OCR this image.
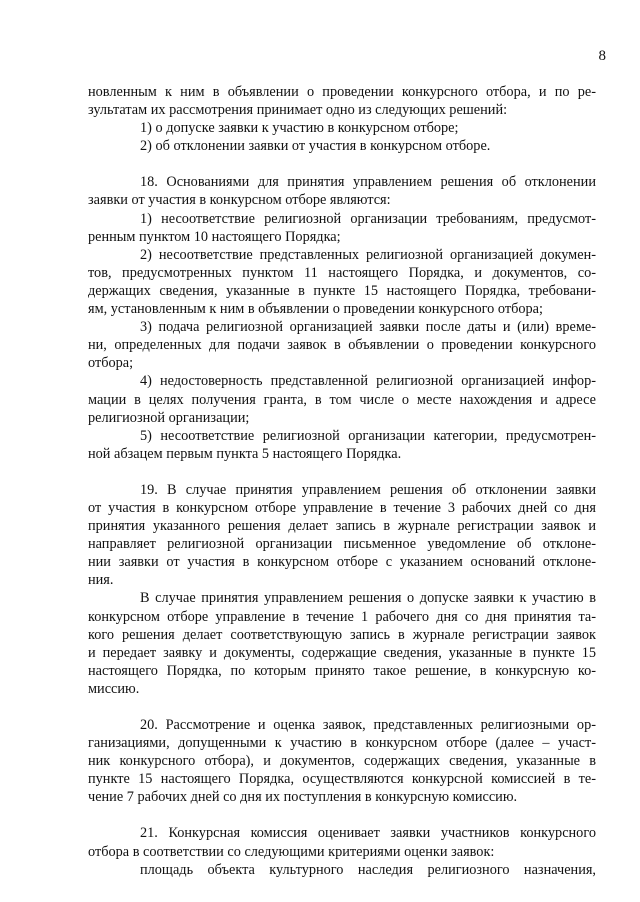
8
новленным к ним в объявлении о проведении конкурсного отбора, и по ре-
зультатам их рассмотрения принимает одно из следующих решений:
1) о допуске заявки к участию в конкурсном отборе;
2) об отклонении заявки от участия в конкурсном отборе.
18. Основаниями для принятия управлением решения об отклонении
заявки от участия в конкурсном отборе являются:
1) несоответствие религиозной организации требованиям, предусмот-
ренным пунктом 10 настоящего Порядка;
2) несоответствие представленных религиозной организацией докумен-
тов, предусмотренных пунктом 11 настоящего Порядка, и документов, со-
держащих сведения, указанные в пункте 15 настоящего Порядка, требовани-
ям, установленным к ним в объявлении о проведении конкурсного отбора;
3) подача религиозной организацией заявки после даты и (или) време-
ни, определенных для подачи заявок в объявлении о проведении конкурсного
отбора;
4) недостоверность представленной религиозной организацией инфор-
мации в целях получения гранта, в том числе о месте нахождения и адресе
религиозной организации;
5) несоответствие религиозной организации категории, предусмотрен-
ной абзацем первым пункта 5 настоящего Порядка.
19. В случае принятия управлением решения об отклонении заявки
от участия в конкурсном отборе управление в течение 3 рабочих дней со дня
принятия указанного решения делает запись в журнале регистрации заявок и
направляет религиозной организации письменное уведомление об отклоне-
нии заявки от участия в конкурсном отборе с указанием оснований отклоне-
ния.
В случае принятия управлением решения о допуске заявки к участию в
конкурсном отборе управление в течение 1 рабочего дня со дня принятия та-
кого решения делает соответствующую запись в журнале регистрации заявок
и передает заявку и документы, содержащие сведения, указанные в пункте 15
настоящего Порядка, по которым принято такое решение, в конкурсную ко-
миссию.
20. Рассмотрение и оценка заявок, представленных религиозными ор-
ганизациями, допущенными к участию в конкурсном отборе (далее – участ-
ник конкурсного отбора), и документов, содержащих сведения, указанные в
пункте 15 настоящего Порядка, осуществляются конкурсной комиссией в те-
чение 7 рабочих дней со дня их поступления в конкурсную комиссию.
21. Конкурсная комиссия оценивает заявки участников конкурсного
отбора в соответствии со следующими критериями оценки заявок:
площадь объекта культурного наследия религиозного назначения,
